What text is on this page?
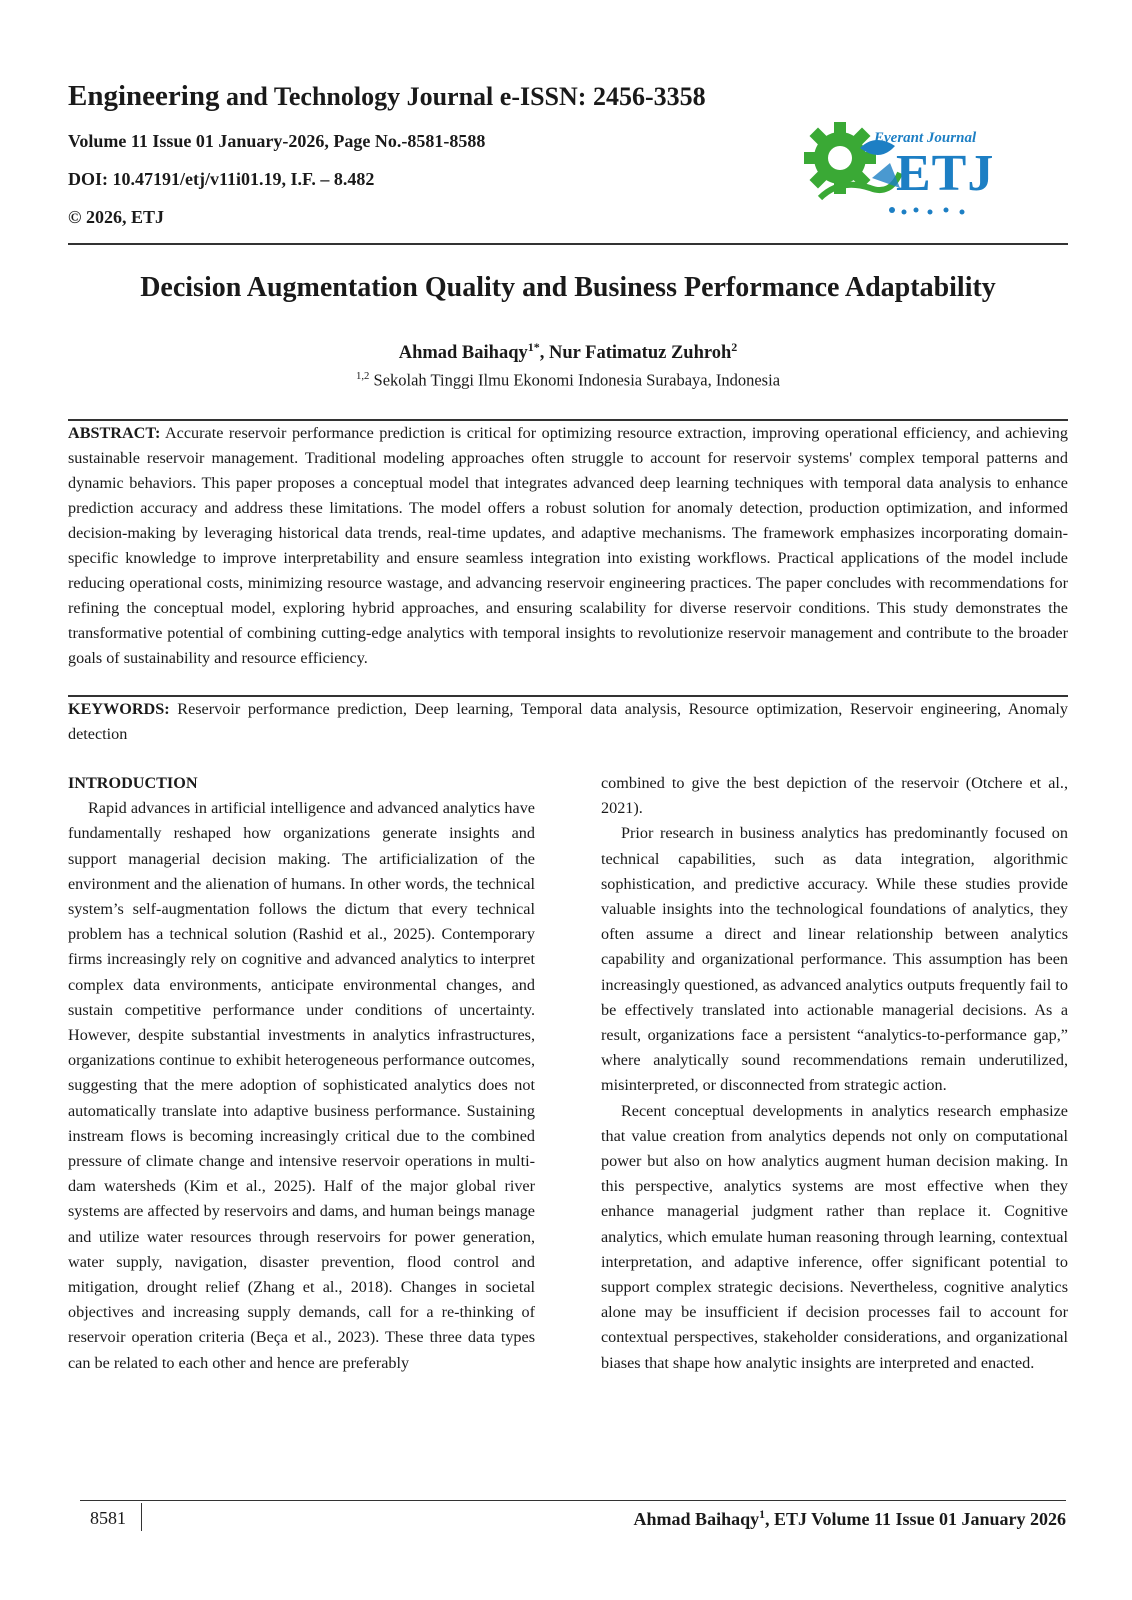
Engineering and Technology Journal e-ISSN: 2456-3358
Volume 11 Issue 01 January-2026, Page No.-8581-8588
DOI: 10.47191/etj/v11i01.19, I.F. – 8.482
© 2026, ETJ
Everant Journal
ETJ
Decision Augmentation Quality and Business Performance Adaptability
Ahmad Baihaqy$^{1*}$, Nur Fatimatuz Zuhroh$^2$
$^{1,2}$ Sekolah Tinggi Ilmu Ekonomi Indonesia Surabaya, Indonesia
ABSTRACT: Accurate reservoir performance prediction is critical for optimizing resource extraction, improving operational efficiency, and achieving sustainable reservoir management. Traditional modeling approaches often struggle to account for reservoir systems' complex temporal patterns and dynamic behaviors. This paper proposes a conceptual model that integrates advanced deep learning techniques with temporal data analysis to enhance prediction accuracy and address these limitations. The model offers a robust solution for anomaly detection, production optimization, and informed decision-making by leveraging historical data trends, real-time updates, and adaptive mechanisms. The framework emphasizes incorporating domain-specific knowledge to improve interpretability and ensure seamless integration into existing workflows. Practical applications of the model include reducing operational costs, minimizing resource wastage, and advancing reservoir engineering practices. The paper concludes with recommendations for refining the conceptual model, exploring hybrid approaches, and ensuring scalability for diverse reservoir conditions. This study demonstrates the transformative potential of combining cutting-edge analytics with temporal insights to revolutionize reservoir management and contribute to the broader goals of sustainability and resource efficiency.
KEYWORDS: Reservoir performance prediction, Deep learning, Temporal data analysis, Resource optimization, Reservoir engineering, Anomaly detection

INTRODUCTION

Rapid advances in artificial intelligence and advanced analytics have fundamentally reshaped how organizations generate insights and support managerial decision making. The artificialization of the environment and the alienation of humans. In other words, the technical system’s self-augmentation follows the dictum that every technical problem has a technical solution (Rashid et al., 2025). Contemporary firms increasingly rely on cognitive and advanced analytics to interpret complex data environments, anticipate environmental changes, and sustain competitive performance under conditions of uncertainty. However, despite substantial investments in analytics infrastructures, organizations continue to exhibit heterogeneous performance outcomes, suggesting that the mere adoption of sophisticated analytics does not automatically translate into adaptive business performance. Sustaining instream flows is becoming increasingly critical due to the combined pressure of climate change and intensive reservoir operations in multi-dam watersheds (Kim et al., 2025). Half of the major global river systems are affected by reservoirs and dams, and human beings manage and utilize water resources through reservoirs for power generation, water supply, navigation, disaster prevention, flood control and mitigation, drought relief (Zhang et al., 2018). Changes in societal objectives and increasing supply demands, call for a re-thinking of reservoir operation criteria (Beça et al., 2023). These three data types can be related to each other and hence are preferably

combined to give the best depiction of the reservoir (Otchere et al., 2021).

Prior research in business analytics has predominantly focused on technical capabilities, such as data integration, algorithmic sophistication, and predictive accuracy. While these studies provide valuable insights into the technological foundations of analytics, they often assume a direct and linear relationship between analytics capability and organizational performance. This assumption has been increasingly questioned, as advanced analytics outputs frequently fail to be effectively translated into actionable managerial decisions. As a result, organizations face a persistent “analytics-to-performance gap,” where analytically sound recommendations remain underutilized, misinterpreted, or disconnected from strategic action.

Recent conceptual developments in analytics research emphasize that value creation from analytics depends not only on computational power but also on how analytics augment human decision making. In this perspective, analytics systems are most effective when they enhance managerial judgment rather than replace it. Cognitive analytics, which emulate human reasoning through learning, contextual interpretation, and adaptive inference, offer significant potential to support complex strategic decisions. Nevertheless, cognitive analytics alone may be insufficient if decision processes fail to account for contextual perspectives, stakeholder considerations, and organizational biases that shape how analytic insights are interpreted and enacted.

8581	Ahmad Baihaqy$^1$, ETJ Volume 11 Issue 01 January 2026
